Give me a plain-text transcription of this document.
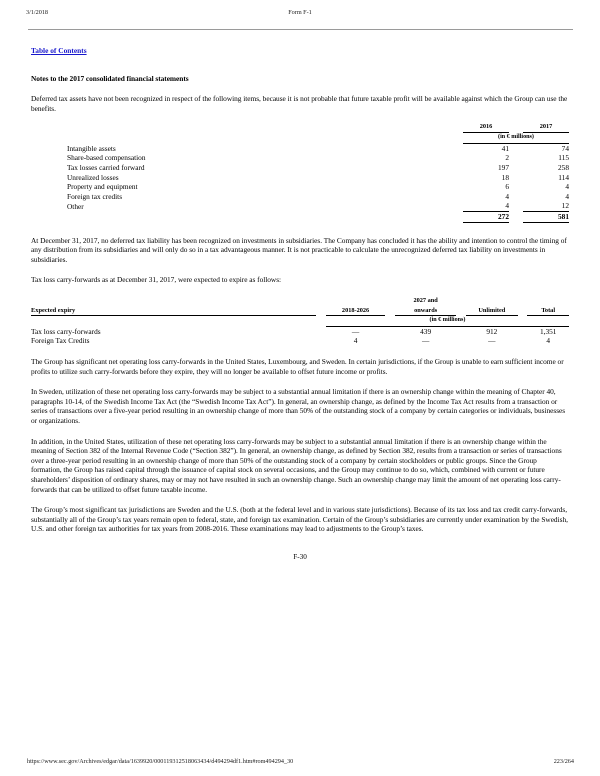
3/1/2018	Form F-1
Table of Contents
Notes to the 2017 consolidated financial statements

Deferred tax assets have not been recognized in respect of the following items, because it is not probable that future taxable profit will be available against which the Group can use the benefits.

		2016		2017
		(in € millions)		
Intangible assets		41		74
Share-based compensation		2		115
Tax losses carried forward		197		258
Unrealized losses		18		114
Property and equipment		6		4
Foreign tax credits		4		4
Other		4		12
		272		581

At December 31, 2017, no deferred tax liability has been recognized on investments in subsidiaries. The Company has concluded it has the ability and intention to control the timing of any distribution from its subsidiaries and will only do so in a tax advantageous manner. It is not practicable to calculate the unrecognized deferred tax liability on investments in subsidiaries.

Tax loss carry-forwards as at December 31, 2017, were expected to expire as follows:

Expected expiry		2018-2026		2027 and
onwards		Unlimited		Total
		(in € millions)						
Tax loss carry-forwards		—		439		912		1,351
Foreign Tax Credits		4		—		—		4

The Group has significant net operating loss carry-forwards in the United States, Luxembourg, and Sweden. In certain jurisdictions, if the Group is unable to earn sufficient income or profits to utilize such carry-forwards before they expire, they will no longer be available to offset future income or profits.

In Sweden, utilization of these net operating loss carry-forwards may be subject to a substantial annual limitation if there is an ownership change within the meaning of Chapter 40, paragraphs 10-14, of the Swedish Income Tax Act (the “Swedish Income Tax Act”). In general, an ownership change, as defined by the Income Tax Act results from a transaction or series of transactions over a five-year period resulting in an ownership change of more than 50% of the outstanding stock of a company by certain categories or individuals, businesses or organizations.

In addition, in the United States, utilization of these net operating loss carry-forwards may be subject to a substantial annual limitation if there is an ownership change within the meaning of Section 382 of the Internal Revenue Code (“Section 382”). In general, an ownership change, as defined by Section 382, results from a transaction or series of transactions over a three-year period resulting in an ownership change of more than 50% of the outstanding stock of a company by certain stockholders or public groups. Since the Group formation, the Group has raised capital through the issuance of capital stock on several occasions, and the Group may continue to do so, which, combined with current or future shareholders’ disposition of ordinary shares, may or may not have resulted in such an ownership change. Such an ownership change may limit the amount of net operating loss carry-forwards that can be utilized to offset future taxable income.

The Group’s most significant tax jurisdictions are Sweden and the U.S. (both at the federal level and in various state jurisdictions). Because of its tax loss and tax credit carry-forwards, substantially all of the Group’s tax years remain open to federal, state, and foreign tax examination. Certain of the Group’s subsidiaries are currently under examination by the Swedish, U.S. and other foreign tax authorities for tax years from 2008-2016. These examinations may lead to adjustments to the Group’s taxes.

F-30
https://www.sec.gov/Archives/edgar/data/1639920/000119312518063434/d494294df1.htm#rom494294_30	223/264
